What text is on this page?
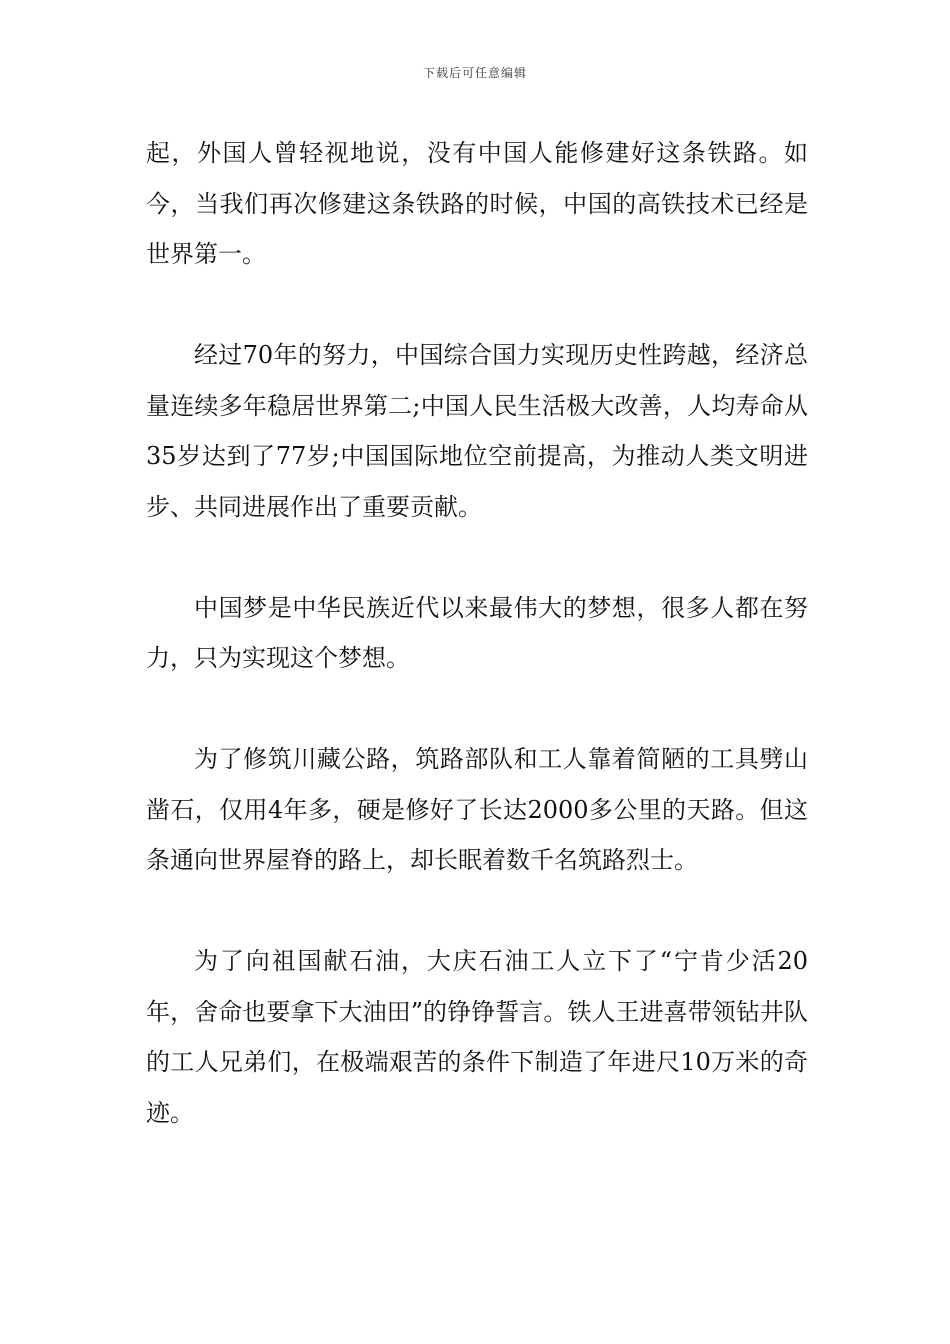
下载后可任意编辑

起，外国人曾轻视地说，没有中国人能修建好这条铁路。如今，当我们再次修建这条铁路的时候，中国的高铁技术已经是世界第一。

经过70年的努力，中国综合国力实现历史性跨越，经济总量连续多年稳居世界第二;中国人民生活极大改善，人均寿命从35岁达到了77岁;中国国际地位空前提高，为推动人类文明进步、共同进展作出了重要贡献。

中国梦是中华民族近代以来最伟大的梦想，很多人都在努力，只为实现这个梦想。

为了修筑川藏公路，筑路部队和工人靠着简陋的工具劈山凿石，仅用4年多，硬是修好了长达2000多公里的天路。但这条通向世界屋脊的路上，却长眠着数千名筑路烈士。

为了向祖国献石油，大庆石油工人立下了“宁肯少活20年，舍命也要拿下大油田”的铮铮誓言。铁人王进喜带领钻井队的工人兄弟们，在极端艰苦的条件下制造了年进尺10万米的奇迹。
